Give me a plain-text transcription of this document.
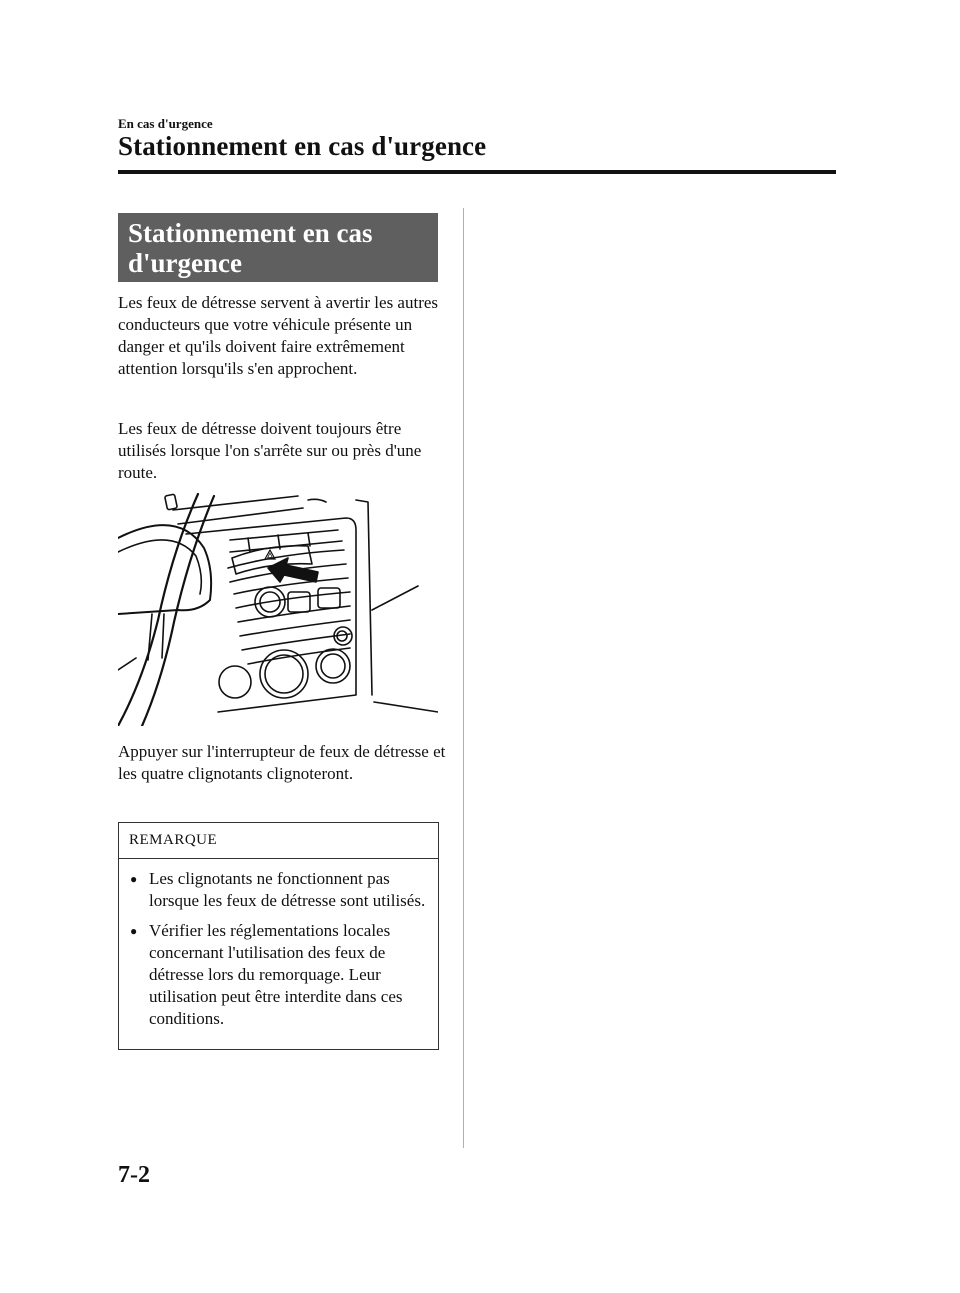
En cas d'urgence
Stationnement en cas d'urgence
Stationnement en cas
d'urgence

Les feux de détresse servent à avertir les autres conducteurs que votre véhicule présente un danger et qu'ils doivent faire extrêmement attention lorsqu'ils s'en approchent.

Les feux de détresse doivent toujours être utilisés lorsque l'on s'arrête sur ou près d'une route.

Appuyer sur l'interrupteur de feux de détresse et les quatre clignotants clignoteront.

REMARQUE
● Les clignotants ne fonctionnent pas lorsque les feux de détresse sont utilisés.
● Vérifier les réglementations locales concernant l'utilisation des feux de détresse lors du remorquage. Leur utilisation peut être interdite dans ces conditions.
7-2
